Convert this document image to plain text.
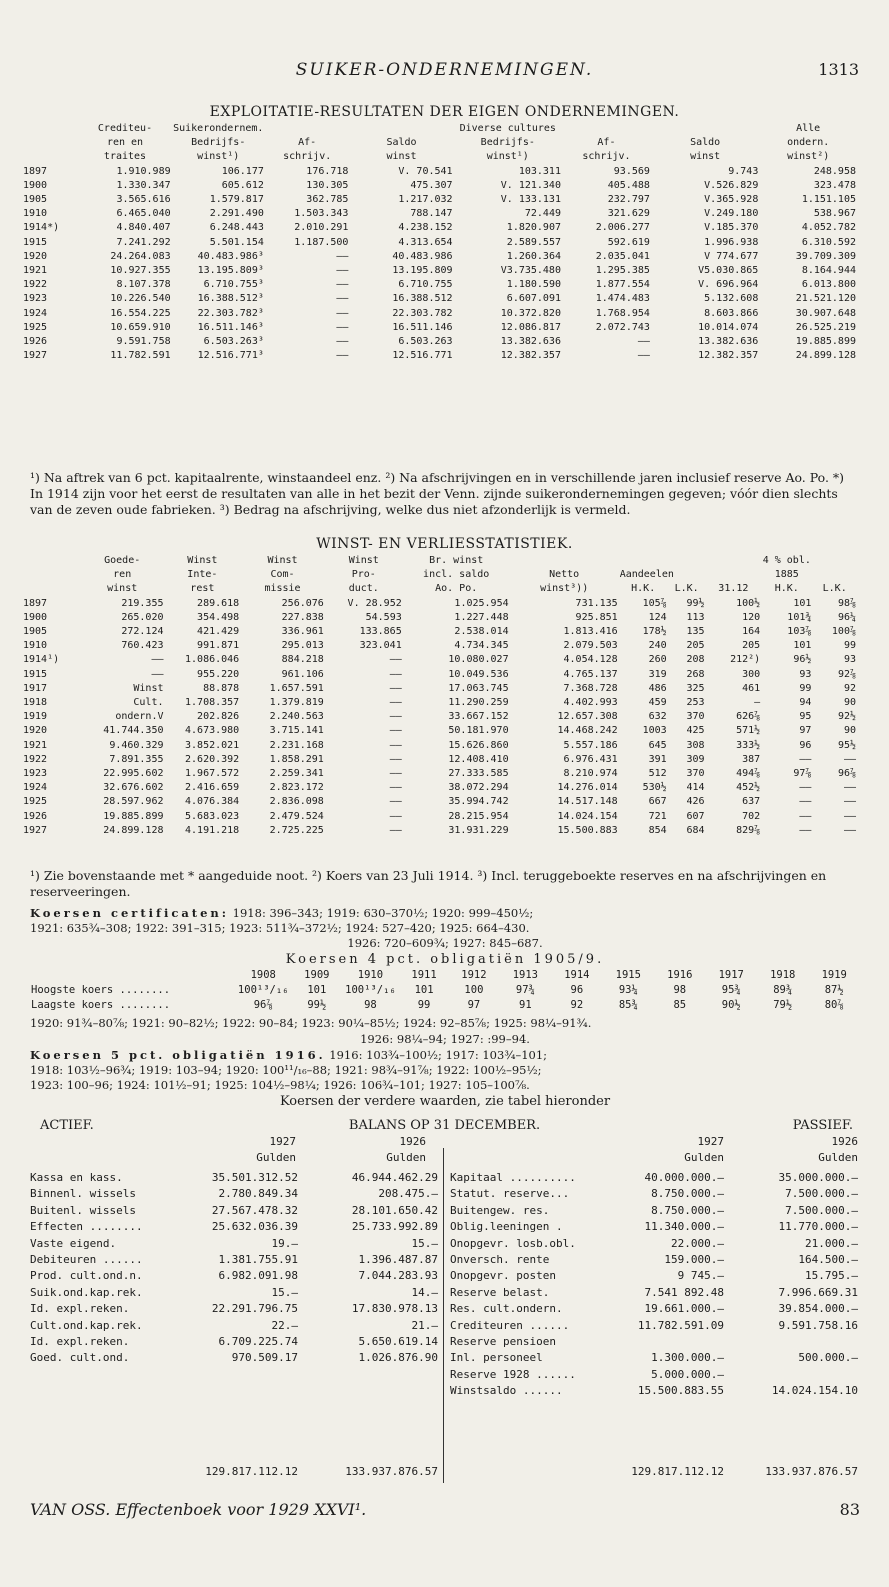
SUIKER-ONDERNEMINGEN.	1313
EXPLOITATIE-RESULTATEN DER EIGEN ONDERNEMINGEN.
	Crediteu-	Suikerondernem.			Diverse cultures			Alle
	ren en	Bedrijfs-	Af-	Saldo	Bedrijfs-	Af-	Saldo	ondern.
	traites	winst¹)	schrijv.	winst	winst¹)	schrijv.	winst	winst²)
1897	1.910.989	106.177	176.718	V. 70.541	103.311	93.569	9.743	248.958
1900	1.330.347	605.612	130.305	475.307	V. 121.340	405.488	V.526.829	323.478
1905	3.565.616	1.579.817	362.785	1.217.032	V. 133.131	232.797	V.365.928	1.151.105
1910	6.465.040	2.291.490	1.503.343	788.147	72.449	321.629	V.249.180	538.967
1914*)	4.840.407	6.248.443	2.010.291	4.238.152	1.820.907	2.006.277	V.185.370	4.052.782
1915	7.241.292	5.501.154	1.187.500	4.313.654	2.589.557	592.619	1.996.938	6.310.592
1920	24.264.083	40.483.986³	——	40.483.986	1.260.364	2.035.041	V 774.677	39.709.309
1921	10.927.355	13.195.809³	——	13.195.809	V3.735.480	1.295.385	V5.030.865	8.164.944
1922	8.107.378	6.710.755³	——	6.710.755	1.180.590	1.877.554	V. 696.964	6.013.800
1923	10.226.540	16.388.512³	——	16.388.512	6.607.091	1.474.483	5.132.608	21.521.120
1924	16.554.225	22.303.782³	——	22.303.782	10.372.820	1.768.954	8.603.866	30.907.648
1925	10.659.910	16.511.146³	——	16.511.146	12.086.817	2.072.743	10.014.074	26.525.219
1926	9.591.758	6.503.263³	——	6.503.263	13.382.636	——	13.382.636	19.885.899
1927	11.782.591	12.516.771³	——	12.516.771	12.382.357	——	12.382.357	24.899.128
¹) Na aftrek van 6 pct. kapitaalrente, winstaandeel enz. ²) Na afschrijvingen en in verschillende jaren inclusief reserve Ao. Po. *) In 1914 zijn voor het eerst de resultaten van alle in het bezit der Venn. zijnde suikerondernemingen gegeven; vóór dien slechts van de zeven oude fabrieken. ³) Bedrag na afschrijving, welke dus niet afzonderlijk is vermeld.
WINST- EN VERLIESSTATISTIEK.
	Goede-	Winst	Winst	Winst	Br. winst					4 % obl.	
	ren	Inte-	Com-	Pro-	incl. saldo	Netto	Aandeelen			1885	
	winst	rest	missie	duct.	Ao. Po.	winst³))	H.K.	L.K.	31.12	H.K.	L.K.
1897	219.355	289.618	256.076	V. 28.952	1.025.954	731.135	105⅞	99½	100½	101	98⅞
1900	265.020	354.498	227.838	54.593	1.227.448	925.851	124	113	120	101¾	96¼
1905	272.124	421.429	336.961	133.865	2.538.014	1.813.416	178½	135	164	103⅞	100⅞
1910	760.423	991.871	295.013	323.041	4.734.345	2.079.503	240	205	205	101	99
1914¹)	——	1.086.046	884.218	——	10.080.027	4.054.128	260	208	212²)	96½	93
1915	——	955.220	961.106	——	10.049.536	4.765.137	319	268	300	93	92⅞
1917	Winst	88.878	1.657.591	——	17.063.745	7.368.728	486	325	461	99	92
1918	Cult.	1.708.357	1.379.819	——	11.290.259	4.402.993	459	253	—	94	90
1919	ondern.V	202.826	2.240.563	——	33.667.152	12.657.308	632	370	626⅞	95	92½
1920	41.744.350	4.673.980	3.715.141	——	50.181.970	14.468.242	1003	425	571½	97	90
1921	9.460.329	3.852.021	2.231.168	——	15.626.860	5.557.186	645	308	333½	96	95½
1922	7.891.355	2.620.392	1.858.291	——	12.408.410	6.976.431	391	309	387	——	——
1923	22.995.602	1.967.572	2.259.341	——	27.333.585	8.210.974	512	370	494⅞	97⅞	96⅞
1924	32.676.602	2.416.659	2.823.172	——	38.072.294	14.276.014	530½	414	452½	——	——
1925	28.597.962	4.076.384	2.836.098	——	35.994.742	14.517.148	667	426	637	——	——
1926	19.885.899	5.683.023	2.479.524	——	28.215.954	14.024.154	721	607	702	——	——
1927	24.899.128	4.191.218	2.725.225	——	31.931.229	15.500.883	854	684	829⅞	——	——
¹) Zie bovenstaande met * aangeduide noot. ²) Koers van 23 Juli 1914. ³) Incl. teruggeboekte reserves en na afschrijvingen en reserveeringen.
Koersen certificaten: 1918: 396–343; 1919: 630–370½; 1920: 999–450½;
1921: 635¾–308; 1922: 391–315; 1923: 511¾–372½; 1924: 527–420; 1925: 664–430.
1926: 720–609¾; 1927: 845–687.
Koersen 4 pct. obligatiën 1905/9.
	1908	1909	1910	1911	1912	1913	1914	1915	1916	1917	1918	1919
Hoogste koers ........	100¹³/₁₆	101	100¹³/₁₆	101	100	97¾	96	93¼	98	95¾	89¾	87½
Laagste koers ........	96⅞	99½	98	99	97	91	92	85¾	85	90½	79½	80⅞
1920: 91¾–80⅞; 1921: 90–82½; 1922: 90–84; 1923: 90¼–85½; 1924: 92–85⅞; 1925: 98¼–91¾.
1926: 98¼–94; 1927: :99–94.
Koersen 5 pct. obligatiën 1916. 1916: 103¾–100½; 1917: 103¾–101;
1918: 103½–96¾; 1919: 103–94; 1920: 100¹¹/₁₆–88; 1921: 98¾–91⅞; 1922: 100½–95½;
1923: 100–96; 1924: 101½–91; 1925: 104½–98¼; 1926: 106¾–101; 1927: 105–100⅞.
Koersen der verdere waarden, zie tabel hieronder
ACTIEF.	BALANS OP 31 DECEMBER.	PASSIEF.
	1927	1926			1927	1926
	Gulden	Gulden			Gulden	Gulden
Kassa en kass.	35.501.312.52	46.944.462.29
Binnenl. wissels	2.780.849.34	208.475.—
Buitenl. wissels	27.567.478.32	28.101.650.42
Effecten ........	25.632.036.39	25.733.992.89
Vaste eigend.	19.—	15.—
Debiteuren ......	1.381.755.91	1.396.487.87
Prod. cult.ond.n.	6.982.091.98	7.044.283.93
Suik.ond.kap.rek.	15.—	14.—
Id. expl.reken.	22.291.796.75	17.830.978.13
Cult.ond.kap.rek.	22.—	21.—
Id. expl.reken.	6.709.225.74	5.650.619.14
Goed. cult.ond.	970.509.17	1.026.876.90
Kapitaal ..........	40.000.000.—	35.000.000.—
Statut. reserve...	8.750.000.—	7.500.000.—
Buitengew. res.	8.750.000.—	7.500.000.—
Oblig.leeningen .	11.340.000.—	11.770.000.—
Onopgevr. losb.obl.	22.000.—	21.000.—
Onversch. rente	159.000.—	164.500.—
Onopgevr. posten	9 745.—	15.795.—
Reserve belast.	7.541 892.48	7.996.669.31
Res. cult.ondern.	19.661.000.—	39.854.000.—
Crediteuren ......	11.782.591.09	9.591.758.16
Reserve pensioen		
Inl. personeel	1.300.000.—	500.000.—
Reserve 1928 ......	5.000.000.—	
Winstsaldo ......	15.500.883.55	14.024.154.10
	129.817.112.12	133.937.876.57			129.817.112.12	133.937.876.57
VAN OSS. Effectenboek voor 1929 XXVI¹.	83
